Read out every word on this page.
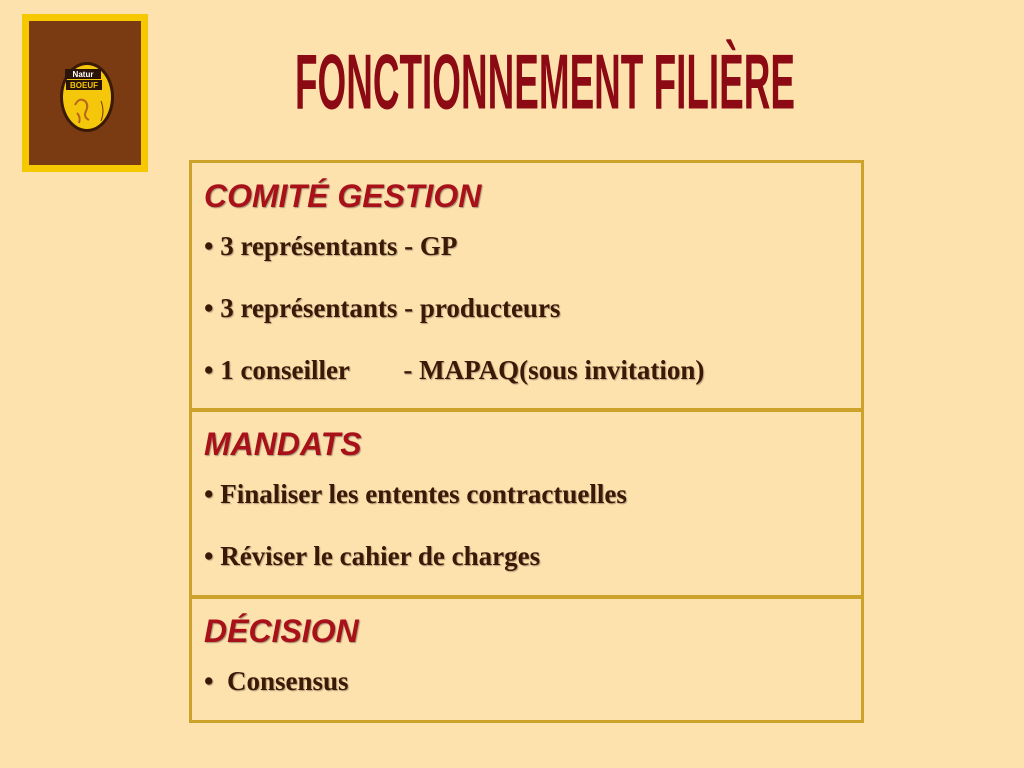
Natur
BOEUF	FONCTIONNEMENT FILIÈRE
COMITÉ GESTION
• 3 représentants - GP
• 3 représentants - producteurs
• 1 conseiller        - MAPAQ(sous invitation)
MANDATS
• Finaliser les ententes contractuelles
• Réviser le cahier de charges
DÉCISION
•  Consensus
